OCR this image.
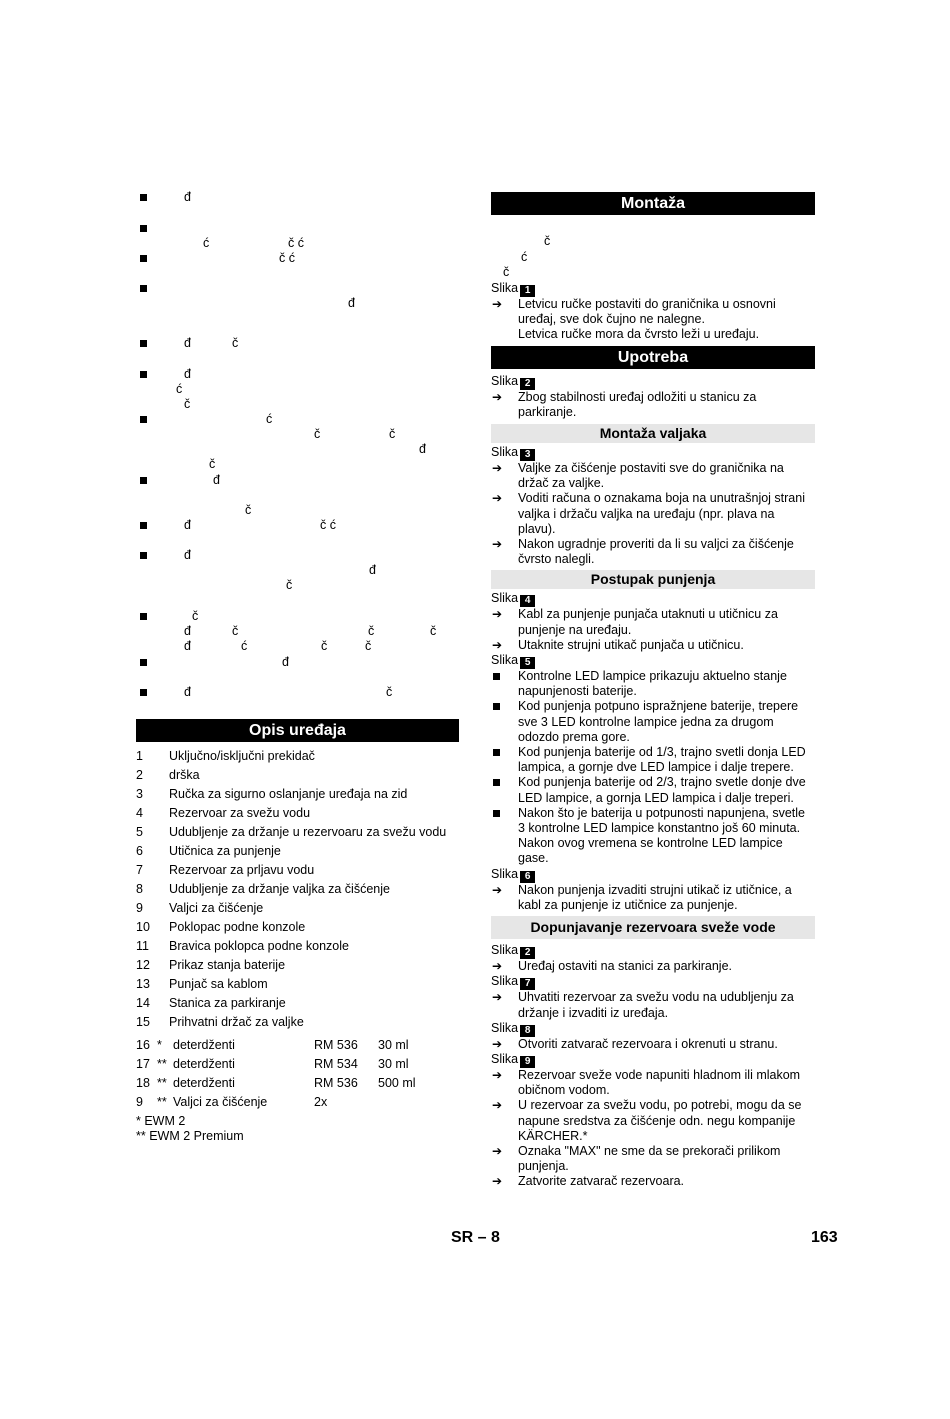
đ
ć	č ć
č ć
đ
đ	č
đ
ć
č
ć
č	č
đ
č
đ
č
đ	č ć
đ
đ
č
č
đ	č	č	č
đ	ć	č	č
đ
đ	č
Opis uređaja
1 Uključno/isključni prekidač
2 drška
3 Ručka za sigurno oslanjanje uređaja na zid
4 Rezervoar za svežu vodu
5 Udubljenje za držanje u rezervoaru za svežu vodu
6 Utičnica za punjenje
7 Rezervoar za prljavu vodu
8 Udubljenje za držanje valjka za čišćenje
9 Valjci za čišćenje
10 Poklopac podne konzole
11 Bravica poklopca podne konzole
12 Prikaz stanja baterije
13 Punjač sa kablom
14 Stanica za parkiranje
15 Prihvatni držač za valjke
16 * deterdženti	RM 536 30 ml
17 ** deterdženti	RM 534 30 ml
18 ** deterdženti	RM 536 500 ml
9 ** Valjci za čišćenje	2x
* EWM 2
** EWM 2 Premium
Montaža
č
ć
č
Slika 1
➔ Letvicu ručke postaviti do graničnika u osnovni uređaj, sve dok čujno ne nalegne.
Letvica ručke mora da čvrsto leži u uređaju.
Upotreba
Slika 2
➔ Zbog stabilnosti uređaj odložiti u stanicu za parkiranje.
Montaža valjaka
Slika 3
➔ Valjke za čišćenje postaviti sve do graničnika na držač za valjke.
➔ Voditi računa o oznakama boja na unutrašnjoj strani valjka i držaču valjka na uređaju (npr. plava na plavu).
➔ Nakon ugradnje proveriti da li su valjci za čišćenje čvrsto nalegli.
Postupak punjenja
Slika 4
➔ Kabl za punjenje punjača utaknuti u utičnicu za punjenje na uređaju.
➔ Utaknite strujni utikač punjača u utičnicu.
Slika 5
Kontrolne LED lampice prikazuju aktuelno stanje napunjenosti baterije.
Kod punjenja potpuno ispražnjene baterije, trepere sve 3 LED kontrolne lampice jedna za drugom odozdo prema gore.
Kod punjenja baterije od 1/3, trajno svetli donja LED lampica, a gornje dve LED lampice i dalje trepere.
Kod punjenja baterije od 2/3, trajno svetle donje dve LED lampice, a gornja LED lampica i dalje treperi.
Nakon što je baterija u potpunosti napunjena, svetle 3 kontrolne LED lampice konstantno još 60 minuta. Nakon ovog vremena se kontrolne LED lampice gase.
Slika 6
➔ Nakon punjenja izvaditi strujni utikač iz utičnice, a kabl za punjenje iz utičnice za punjenje.
Dopunjavanje rezervoara sveže vode
Slika 2
➔ Uređaj ostaviti na stanici za parkiranje.
Slika 7
➔ Uhvatiti rezervoar za svežu vodu na udubljenju za držanje i izvaditi iz uređaja.
Slika 8
➔ Otvoriti zatvarač rezervoara i okrenuti u stranu.
Slika 9
➔ Rezervoar sveže vode napuniti hladnom ili mlakom običnom vodom.
➔ U rezervoar za svežu vodu, po potrebi, mogu da se napune sredstva za čišćenje odn. negu kompanije KÄRCHER.*
➔ Oznaka "MAX" ne sme da se prekorači prilikom punjenja.
➔ Zatvorite zatvarač rezervoara.
SR – 8	163
